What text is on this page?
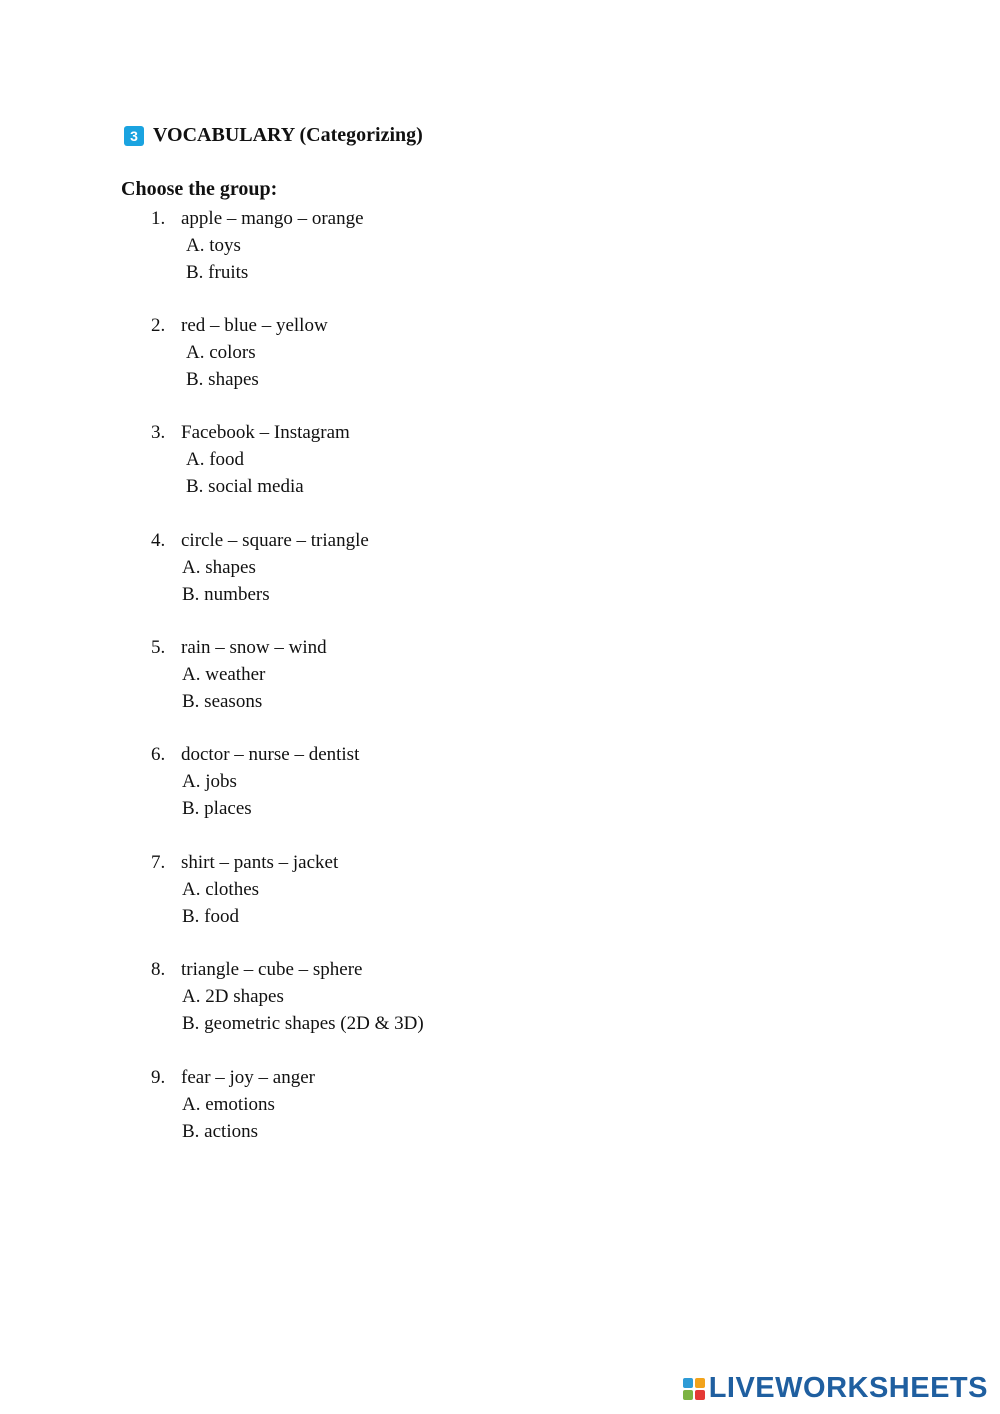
3 VOCABULARY (Categorizing)
Choose the group:
1. apple – mango – orange
A. toys
B. fruits
2. red – blue – yellow
A. colors
B. shapes
3. Facebook – Instagram
A. food
B. social media
4. circle – square – triangle
A. shapes
B. numbers
5. rain – snow – wind
A. weather
B. seasons
6. doctor – nurse – dentist
A. jobs
B. places
7. shirt – pants – jacket
A. clothes
B. food
8. triangle – cube – sphere
A. 2D shapes
B. geometric shapes (2D & 3D)
9. fear – joy – anger
A. emotions
B. actions
LIVEWORKSHEETS
